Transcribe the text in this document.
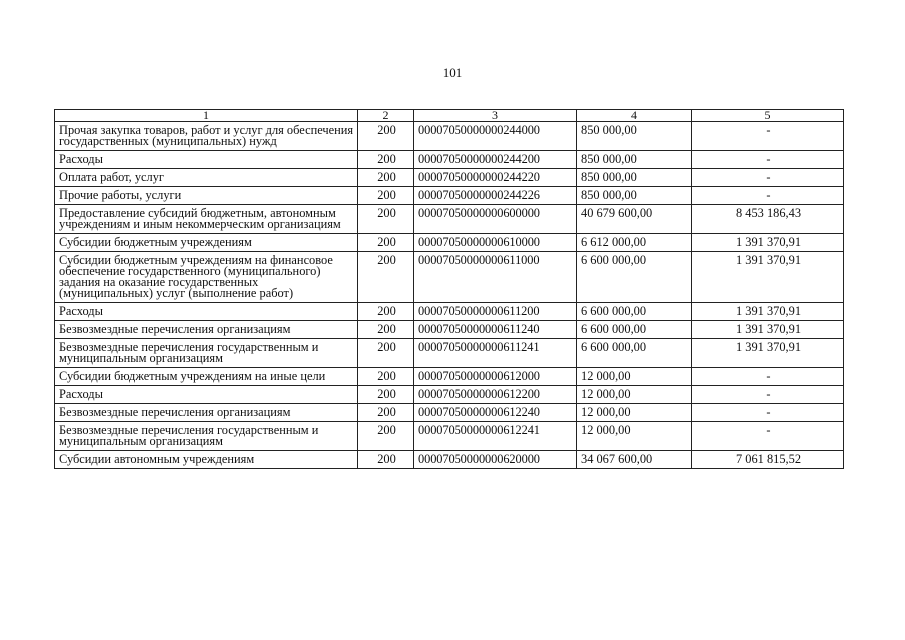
101
1	2	3	4	5
Прочая закупка товаров, работ и услуг для обеспечения государственных (муниципальных) нужд	200	00007050000000244000	850 000,00	-
Расходы	200	00007050000000244200	850 000,00	-
Оплата работ, услуг	200	00007050000000244220	850 000,00	-
Прочие работы, услуги	200	00007050000000244226	850 000,00	-
Предоставление субсидий бюджетным, автономным учреждениям и иным некоммерческим организациям	200	00007050000000600000	40 679 600,00	8 453 186,43
Субсидии бюджетным учреждениям	200	00007050000000610000	6 612 000,00	1 391 370,91
Субсидии бюджетным учреждениям на финансовое обеспечение государственного (муниципального) задания на оказание государственных (муниципальных) услуг (выполнение работ)	200	00007050000000611000	6 600 000,00	1 391 370,91
Расходы	200	00007050000000611200	6 600 000,00	1 391 370,91
Безвозмездные перечисления организациям	200	00007050000000611240	6 600 000,00	1 391 370,91
Безвозмездные перечисления государственным и муниципальным организациям	200	00007050000000611241	6 600 000,00	1 391 370,91
Субсидии бюджетным учреждениям на иные цели	200	00007050000000612000	12 000,00	-
Расходы	200	00007050000000612200	12 000,00	-
Безвозмездные перечисления организациям	200	00007050000000612240	12 000,00	-
Безвозмездные перечисления государственным и муниципальным организациям	200	00007050000000612241	12 000,00	-
Субсидии автономным учреждениям	200	00007050000000620000	34 067 600,00	7 061 815,52
